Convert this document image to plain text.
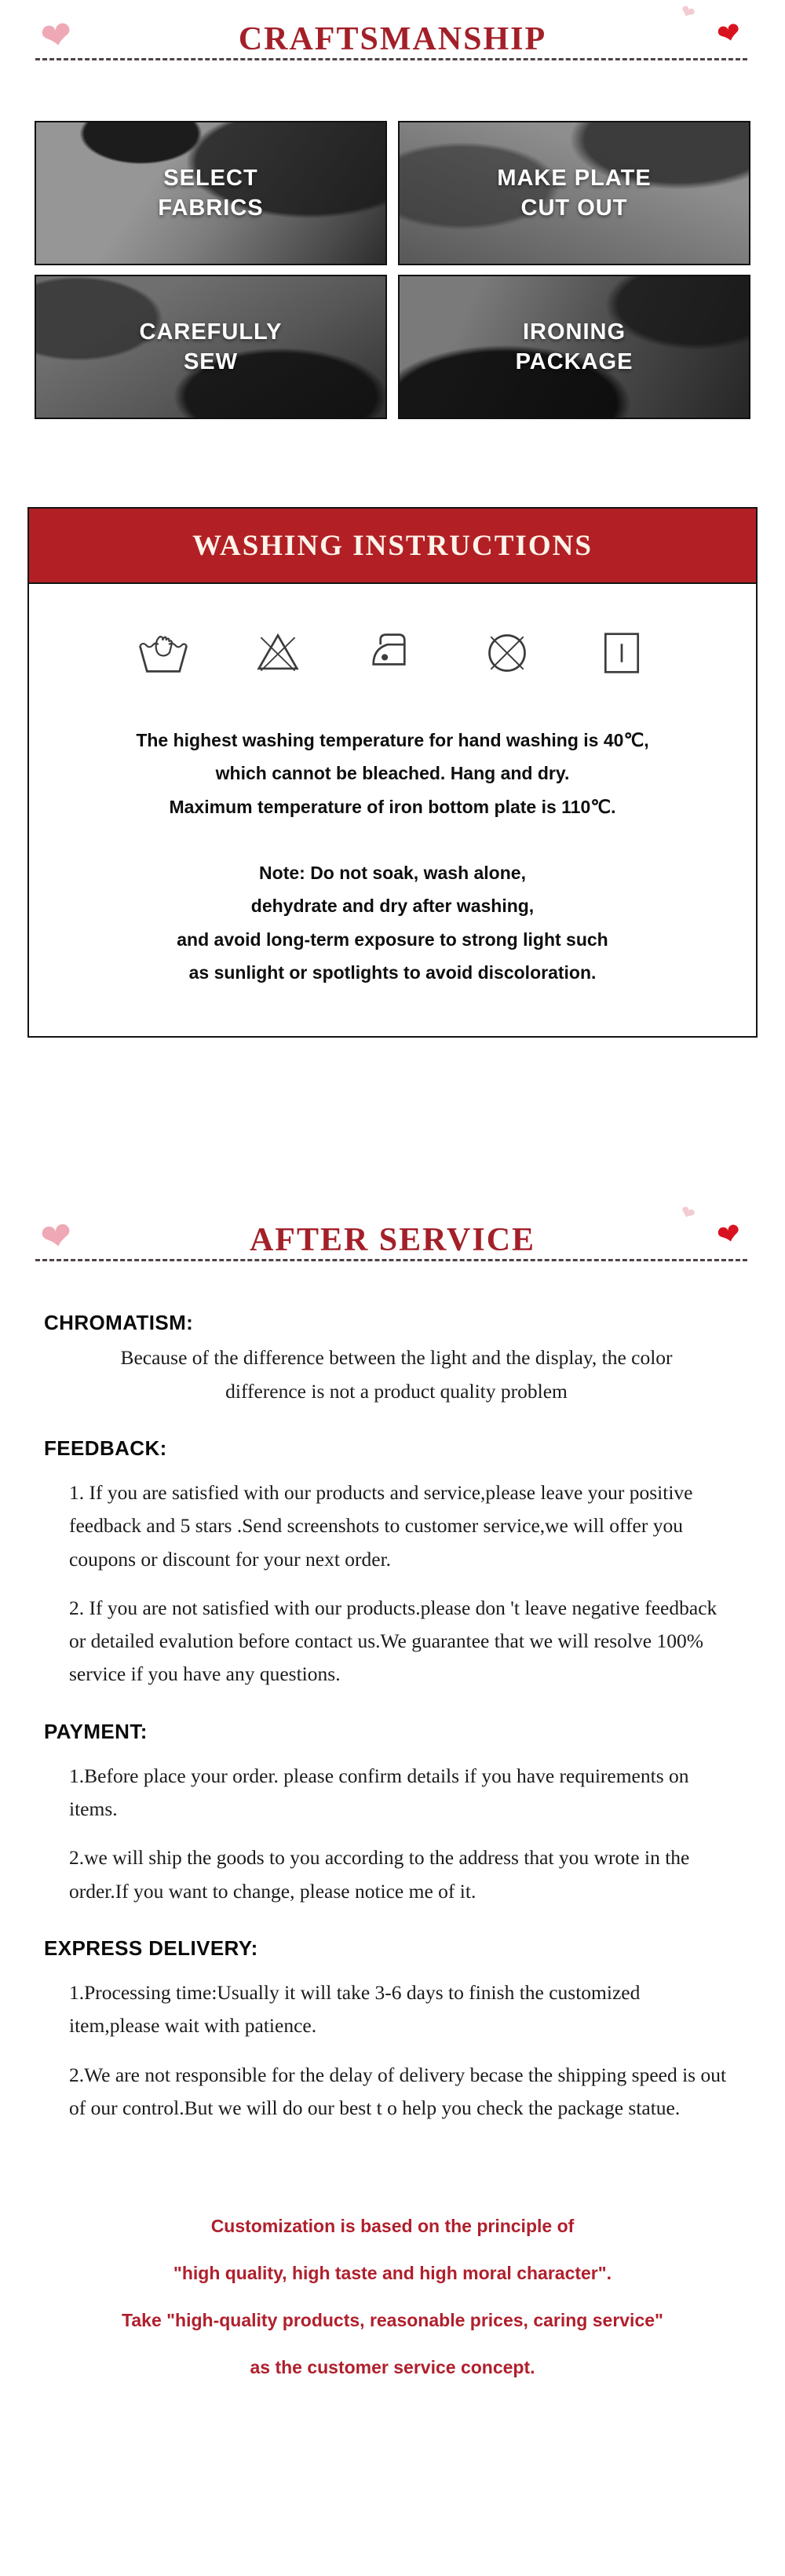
❤	❤
❤
CRAFTSMANSHIP
SELECT
FABRICS
MAKE PLATE
CUT OUT
CAREFULLY
SEW
IRONING
PACKAGE
WASHING INSTRUCTIONS
The highest washing temperature for hand washing is 40℃,
which cannot be bleached. Hang and dry.
Maximum temperature of iron bottom plate is 110℃.
Note: Do not soak, wash alone,
dehydrate and dry after washing,
and avoid long-term exposure to strong light such
as sunlight or spotlights to avoid discoloration.
❤	❤
❤
AFTER SERVICE
CHROMATISM:

Because of the difference between the light and the display, the color difference is not a product quality problem

FEEDBACK:

1. If you are satisfied with our products and service,please leave your positive feedback and 5 stars .Send screenshots to customer service,we will offer you coupons or discount for your next order.

2. If you are not satisfied with our products.please don 't leave negative feedback or detailed evalution before contact us.We guarantee that we will resolve 100% service if you have any questions.

PAYMENT:

1.Before place your order. please confirm details if you have requirements on items.

2.we will ship the goods to you according to the address that you wrote in the order.If you want to change, please notice me of it.

EXPRESS DELIVERY:

1.Processing time:Usually it will take 3-6 days to finish the customized item,please wait with patience.

2.We are not responsible for the delay of delivery becase the shipping speed is out of our control.But we will do our best t o help you check the package statue.

Customization is based on the principle of
"high quality, high taste and high moral character".
Take "high-quality products, reasonable prices, caring service"
as the customer service concept.
